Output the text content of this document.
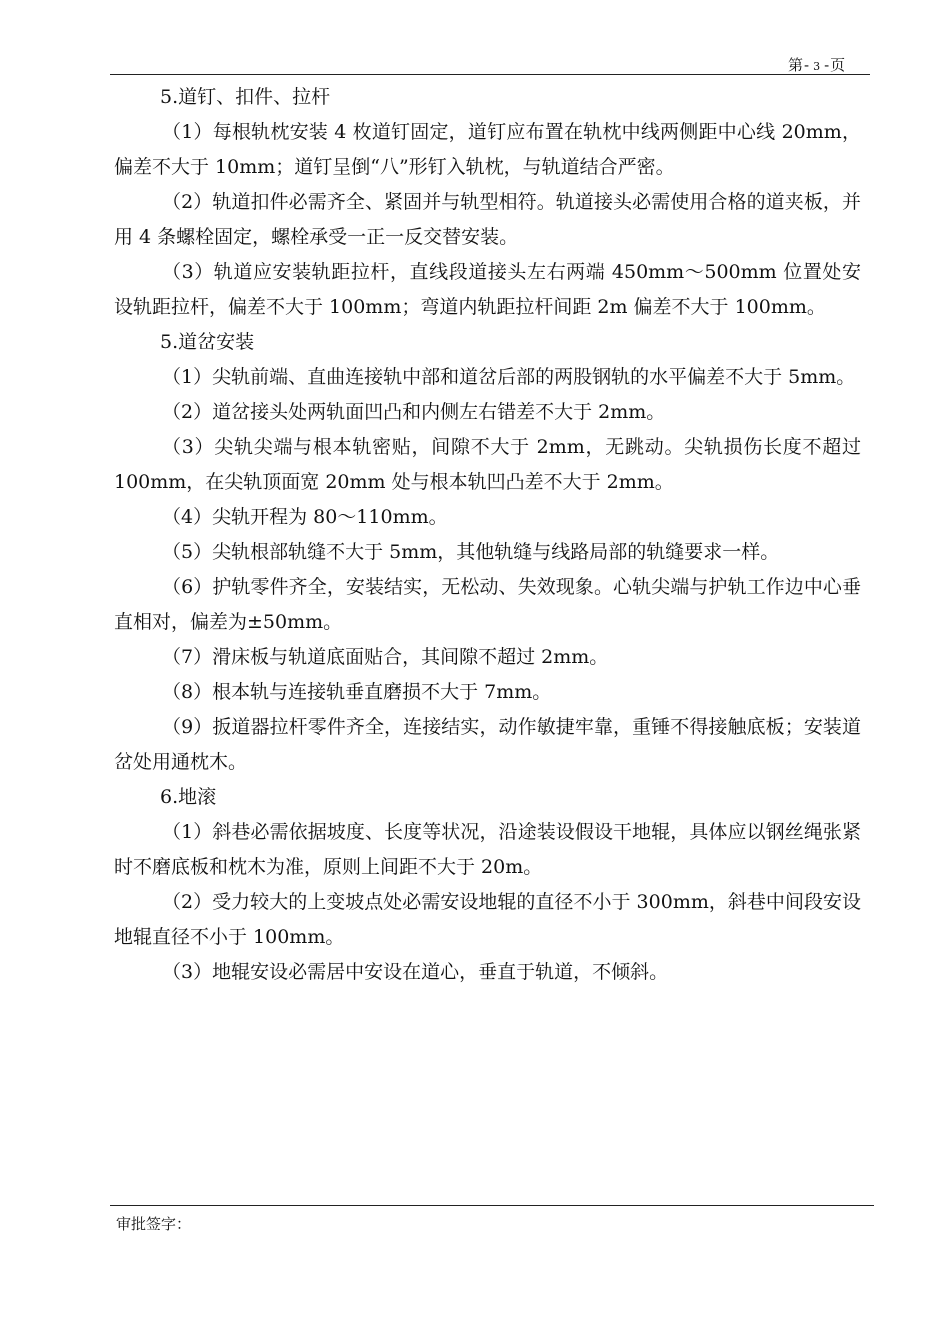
第- 3 -页

5.道钉、扣件、拉杆

（1）每根轨枕安装 4 枚道钉固定，道钉应布置在轨枕中线两侧距中心线 20mm，偏差不大于 10mm；道钉呈倒“八”形钉入轨枕，与轨道结合严密。

（2）轨道扣件必需齐全、紧固并与轨型相符。轨道接头必需使用合格的道夹板，并用 4 条螺栓固定，螺栓承受一正一反交替安装。

（3）轨道应安装轨距拉杆，直线段道接头左右两端 450mm～500mm 位置处安设轨距拉杆，偏差不大于 100mm；弯道内轨距拉杆间距 2m 偏差不大于 100mm。

5.道岔安装

（1）尖轨前端、直曲连接轨中部和道岔后部的两股钢轨的水平偏差不大于 5mm。

（2）道岔接头处两轨面凹凸和内侧左右错差不大于 2mm。

（3）尖轨尖端与根本轨密贴，间隙不大于 2mm，无跳动。尖轨损伤长度不超过 100mm，在尖轨顶面宽 20mm 处与根本轨凹凸差不大于 2mm。

（4）尖轨开程为 80～110mm。

（5）尖轨根部轨缝不大于 5mm，其他轨缝与线路局部的轨缝要求一样。

（6）护轨零件齐全，安装结实，无松动、失效现象。心轨尖端与护轨工作边中心垂直相对，偏差为±50mm。

（7）滑床板与轨道底面贴合，其间隙不超过 2mm。

（8）根本轨与连接轨垂直磨损不大于 7mm。

（9）扳道器拉杆零件齐全，连接结实，动作敏捷牢靠，重锤不得接触底板；安装道岔处用通枕木。

6.地滚

（1）斜巷必需依据坡度、长度等状况，沿途装设假设干地辊，具体应以钢丝绳张紧时不磨底板和枕木为准，原则上间距不大于 20m。

（2）受力较大的上变坡点处必需安设地辊的直径不小于 300mm，斜巷中间段安设地辊直径不小于 100mm。

（3）地辊安设必需居中安设在道心，垂直于轨道，不倾斜。

审批签字：
